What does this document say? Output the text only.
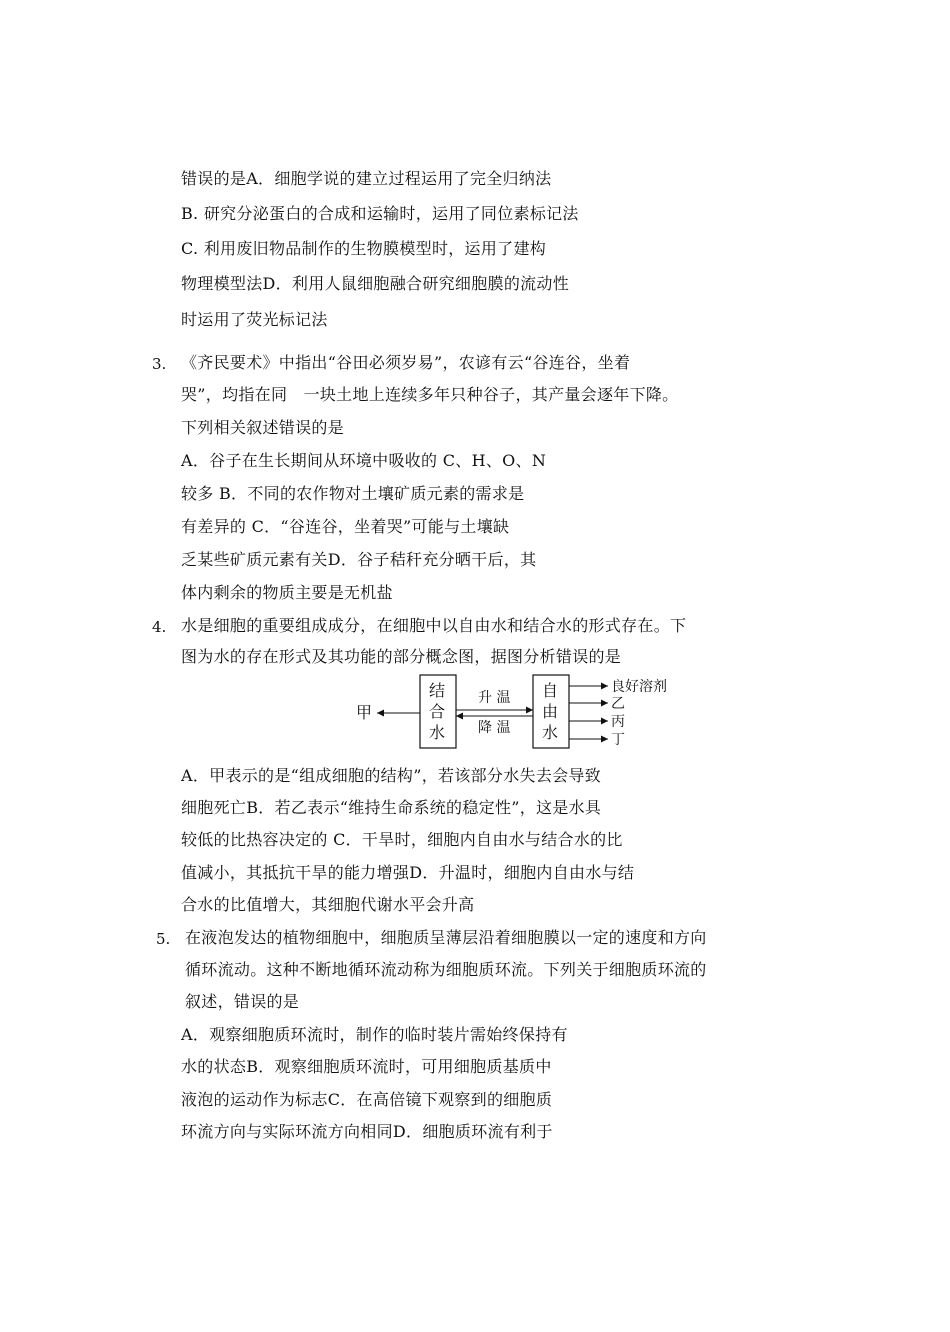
错误的是A．细胞学说的建立过程运用了完全归纳法
B. 研究分泌蛋白的合成和运输时，运用了同位素标记法
C. 利用废旧物品制作的生物膜模型时，运用了建构
物理模型法D．利用人鼠细胞融合研究细胞膜的流动性
时运用了荧光标记法
3. 《齐民要术》中指出“谷田必须岁易”，农谚有云“谷连谷，坐着
哭”，均指在同　一块土地上连续多年只种谷子，其产量会逐年下降。
下列相关叙述错误的是
A．谷子在生长期间从环境中吸收的 C、H、O、N
较多 B．不同的农作物对土壤矿质元素的需求是
有差异的 C．“谷连谷，坐着哭”可能与土壤缺
乏某些矿质元素有关D．谷子秸秆充分晒干后，其
体内剩余的物质主要是无机盐
4. 水是细胞的重要组成成分，在细胞中以自由水和结合水的形式存在。下
图为水的存在形式及其功能的部分概念图，据图分析错误的是
甲
结
合
水
升 温
降 温
自
由
水
良好溶剂
乙
丙
丁
A．甲表示的是“组成细胞的结构”，若该部分水失去会导致
细胞死亡B．若乙表示“维持生命系统的稳定性”，这是水具
较低的比热容决定的 C．干旱时，细胞内自由水与结合水的比
值减小，其抵抗干旱的能力增强D．升温时，细胞内自由水与结
合水的比值增大，其细胞代谢水平会升高
5. 在液泡发达的植物细胞中，细胞质呈薄层沿着细胞膜以一定的速度和方向
循环流动。这种不断地循环流动称为细胞质环流。下列关于细胞质环流的
叙述，错误的是
A．观察细胞质环流时，制作的临时装片需始终保持有
水的状态B．观察细胞质环流时，可用细胞质基质中
液泡的运动作为标志C．在高倍镜下观察到的细胞质
环流方向与实际环流方向相同D．细胞质环流有利于
